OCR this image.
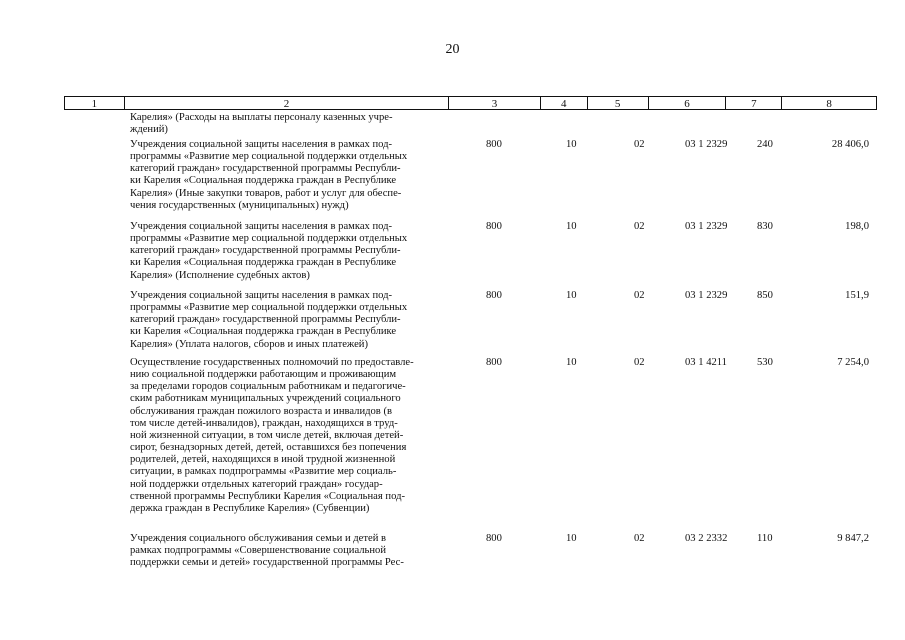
20
1	2	3	4	5	6	7	8
Карелия» (Расходы на выплаты персоналу казенных учре-
ждений)
Учреждения социальной защиты населения в рамках под-
программы «Развитие мер социальной поддержки отдельных
категорий граждан» государственной программы Республи-
ки Карелия «Социальная поддержка граждан в Республике
Карелия» (Иные закупки товаров, работ и услуг для обеспе-
чения государственных (муниципальных) нужд)
800	10	02	03 1 2329	240	28 406,0
Учреждения социальной защиты населения в рамках под-
программы «Развитие мер социальной поддержки отдельных
категорий граждан» государственной программы Республи-
ки Карелия «Социальная поддержка граждан в Республике
Карелия» (Исполнение судебных актов)
800	10	02	03 1 2329	830	198,0
Учреждения социальной защиты населения в рамках под-
программы «Развитие мер социальной поддержки отдельных
категорий граждан» государственной программы Республи-
ки Карелия «Социальная поддержка граждан в Республике
Карелия» (Уплата налогов, сборов и иных платежей)
800	10	02	03 1 2329	850	151,9
Осуществление государственных полномочий по предоставле-
нию социальной поддержки работающим и проживающим
за пределами городов социальным работникам и педагогиче-
ским работникам муниципальных учреждений социального
обслуживания граждан пожилого возраста и инвалидов (в
том числе детей-инвалидов), граждан, находящихся в труд-
ной жизненной ситуации, в том числе детей, включая детей-
сирот, безнадзорных детей, детей, оставшихся без попечения
родителей, детей, находящихся в иной трудной жизненной
ситуации, в рамках подпрограммы «Развитие мер социаль-
ной поддержки отдельных категорий граждан» государ-
ственной программы Республики Карелия «Социальная под-
держка граждан в Республике Карелия» (Субвенции)
800	10	02	03 1 4211	530	7 254,0
Учреждения социального обслуживания семьи и детей в
рамках подпрограммы «Совершенствование социальной
поддержки семьи и детей» государственной программы Рес-
800	10	02	03 2 2332	110	9 847,2
